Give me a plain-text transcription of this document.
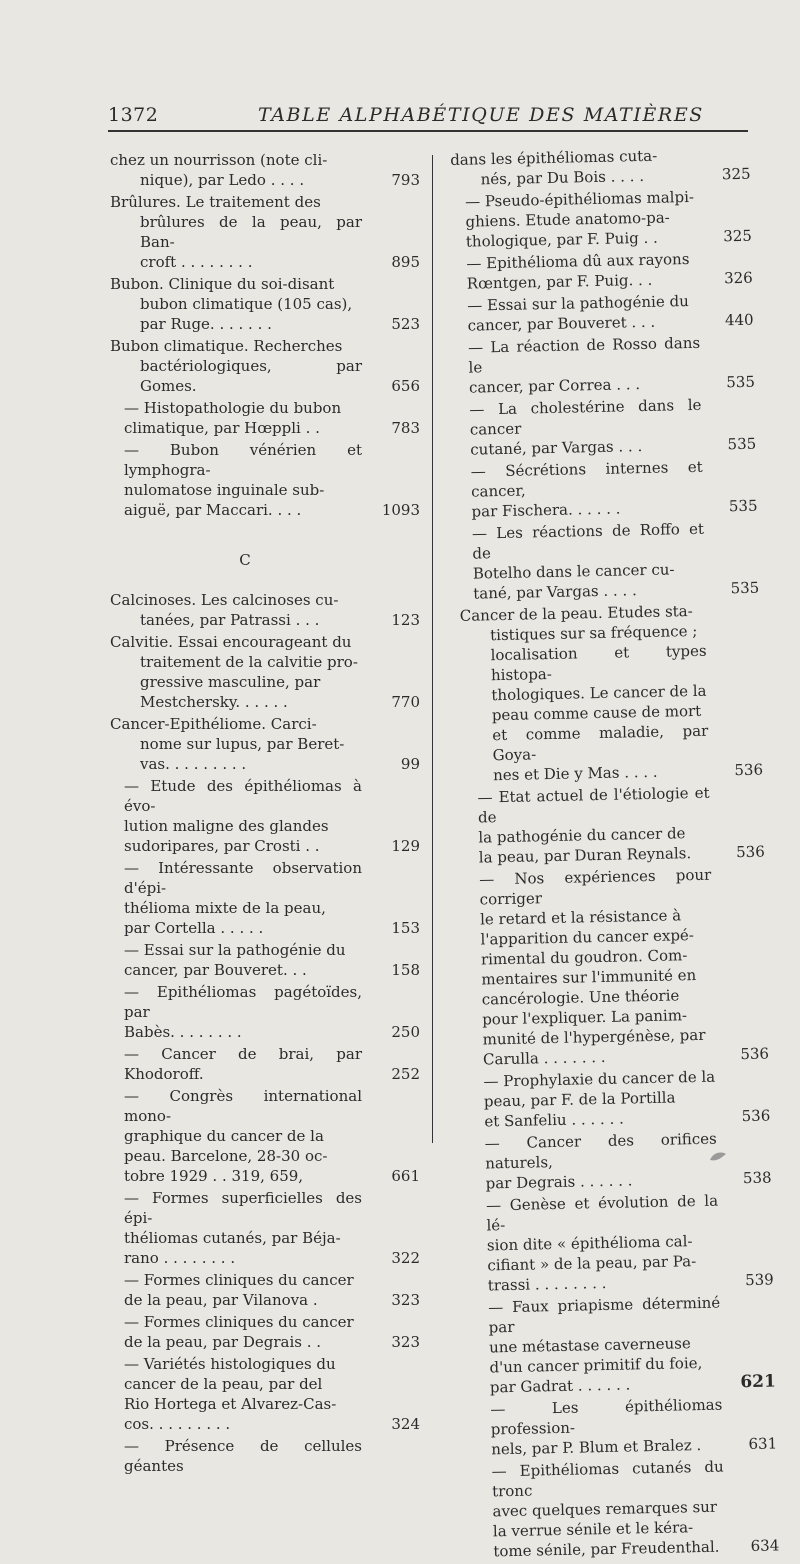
1372	TABLE ALPHABÉTIQUE DES MATIÈRES
chez un nourrisson (note cli-
nique), par Ledo . . . .	793
Brûlures. Le traitement des
brûlures de la peau, par Ban-
croft . . . . . . . .	895
Bubon. Clinique du soi-disant
bubon climatique (105 cas),
par Ruge. . . . . . .	523
Bubon climatique. Recherches
bactériologiques, par Gomes.	656
— Histopathologie du bubon
climatique, par Hœppli . .	783
— Bubon vénérien et lymphogra-
nulomatose inguinale sub-
aiguë, par Maccari. . . .	1093
C
Calcinoses. Les calcinoses cu-
tanées, par Patrassi . . .	123
Calvitie. Essai encourageant du
traitement de la calvitie pro-
gressive masculine, par
Mestchersky. . . . . .	770
Cancer-Epithéliome. Carci-
nome sur lupus, par Beret-
vas. . . . . . . . .	99
— Etude des épithéliomas à évo-
lution maligne des glandes
sudoripares, par Crosti . .	129
— Intéressante observation d'épi-
thélioma mixte de la peau,
par Cortella . . . . .	153
— Essai sur la pathogénie du
cancer, par Bouveret. . .	158
— Epithéliomas pagétoïdes, par
Babès. . . . . . . .	250
— Cancer de brai, par Khodoroff.	252
— Congrès international mono-
graphique du cancer de la
peau. Barcelone, 28-30 oc-
tobre 1929 . . 319, 659,	661
— Formes superficielles des épi-
théliomas cutanés, par Béja-
rano . . . . . . . .	322
— Formes cliniques du cancer
de la peau, par Vilanova .	323
— Formes cliniques du cancer
de la peau, par Degrais . .	323
— Variétés histologiques du
cancer de la peau, par del
Rio Hortega et Alvarez-Cas-
cos. . . . . . . . .	324
— Présence de cellules géantes
dans les épithéliomas cuta-
nés, par Du Bois . . . .	325
— Pseudo-épithéliomas malpi-
ghiens. Etude anatomo-pa-
thologique, par F. Puig . .	325
— Epithélioma dû aux rayons
Rœntgen, par F. Puig. . .	326
— Essai sur la pathogénie du
cancer, par Bouveret . . .	440
— La réaction de Rosso dans le
cancer, par Correa . . .	535
— La cholestérine dans le cancer
cutané, par Vargas . . .	535
— Sécrétions internes et cancer,
par Fischera. . . . . .	535
— Les réactions de Roffo et de
Botelho dans le cancer cu-
tané, par Vargas . . . .	535
Cancer de la peau. Etudes sta-
tistiques sur sa fréquence ;
localisation et types histopa-
thologiques. Le cancer de la
peau comme cause de mort
et comme maladie, par Goya-
nes et Die y Mas . . . .	536
— Etat actuel de l'étiologie et de
la pathogénie du cancer de
la peau, par Duran Reynals.	536
— Nos expériences pour corriger
le retard et la résistance à
l'apparition du cancer expé-
rimental du goudron. Com-
mentaires sur l'immunité en
cancérologie. Une théorie
pour l'expliquer. La panim-
munité de l'hypergénèse, par
Carulla . . . . . . .	536
— Prophylaxie du cancer de la
peau, par F. de la Portilla
et Sanfeliu . . . . . .	536
— Cancer des orifices naturels,
par Degrais . . . . . .	538
— Genèse et évolution de la lé-
sion dite « épithélioma cal-
cifiant » de la peau, par Pa-
trassi . . . . . . . .	539
— Faux priapisme déterminé par
une métastase caverneuse
d'un cancer primitif du foie,
par Gadrat . . . . . .	621
— Les épithéliomas profession-
nels, par P. Blum et Bralez .	631
— Epithéliomas cutanés du tronc
avec quelques remarques sur
la verrue sénile et le kéra-
tome sénile, par Freudenthal.	634
